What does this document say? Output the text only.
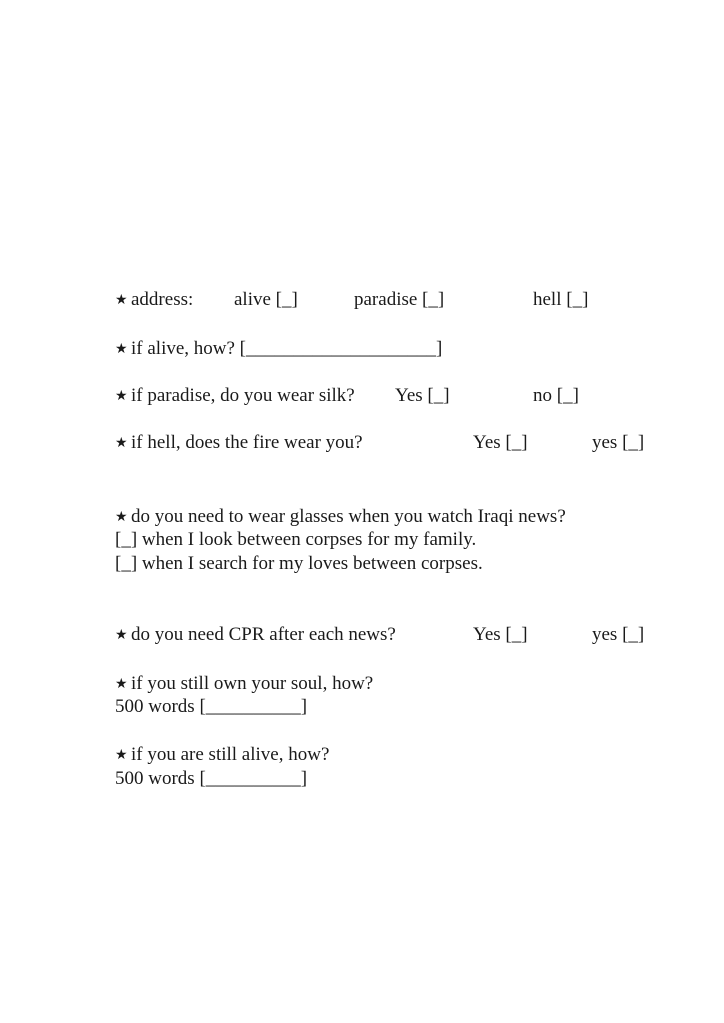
★ address: alive [_]	paradise [_]	hell [_]
★ if alive, how? [____________________]
★ if paradise, do you wear silk? Yes [_]	no [_]
★ if hell, does the fire wear you?	Yes [_]	yes [_]
★ do you need to wear glasses when you watch Iraqi news?
[_] when I look between corpses for my family.
[_] when I search for my loves between corpses.
★ do you need CPR after each news?	Yes [_]	yes [_]
★ if you still own your soul, how?
500 words [__________]
★ if you are still alive, how?
500 words [__________]
